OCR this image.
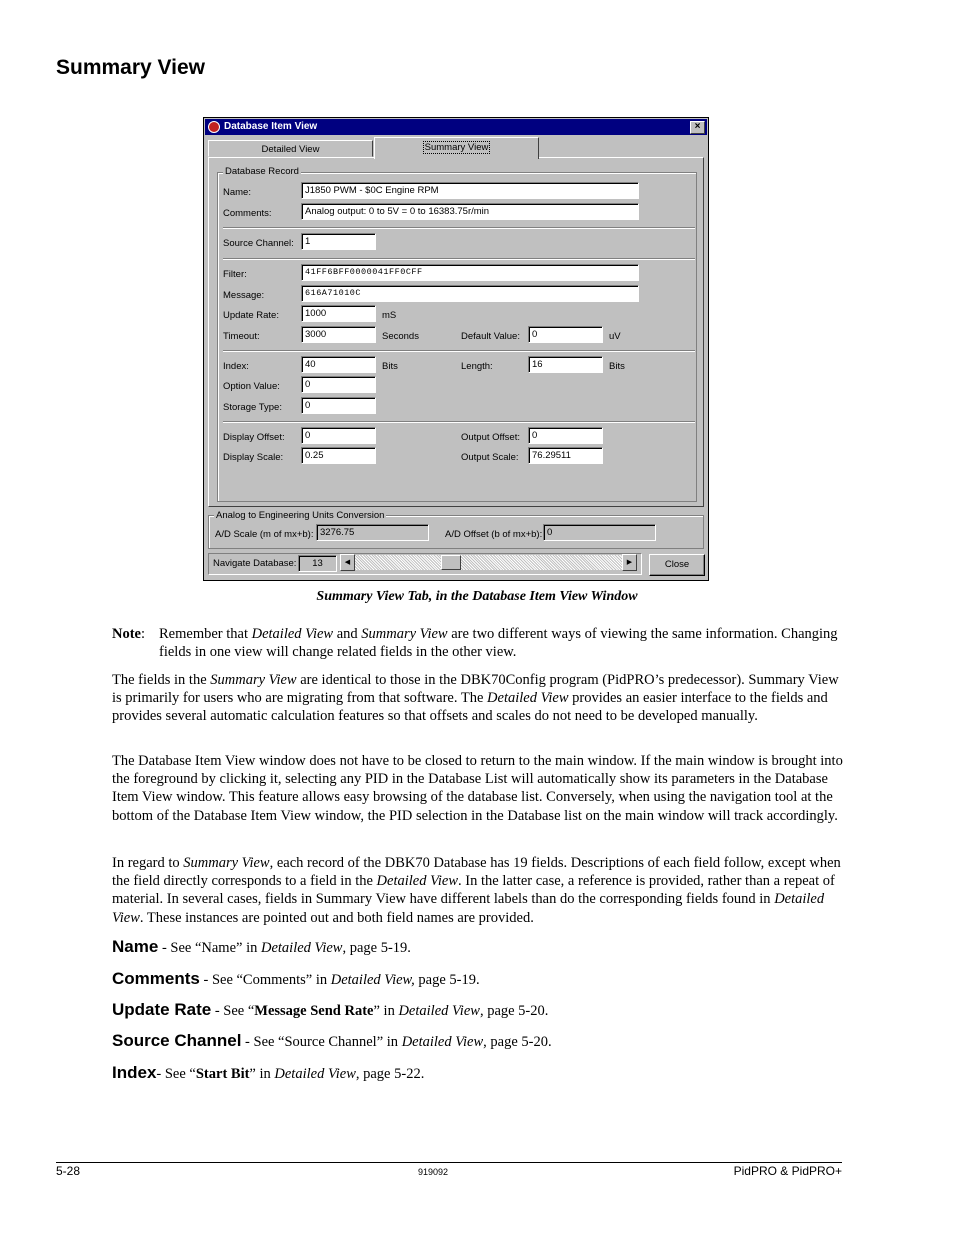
Summary View
Database Item View	×
Detailed View	Summary View
Database Record
Name:	J1850 PWM - $0C Engine RPM
Comments:	Analog output: 0 to 5V = 0 to 16383.75r/min
Source Channel:	1
Filter:	41FF6BFF0000041FF0CFF
Message:	616A71010C
Update Rate:	1000	mS
Timeout:	3000	Seconds	Default Value:	0	uV
Index:	40	Bits	Length:	16	Bits
Option Value:	0
Storage Type:	0
Display Offset:	0	Output Offset:	0
Display Scale:	0.25	Output Scale:	76.29511
Analog to Engineering Units Conversion
A/D Scale (m of mx+b): 3276.75	A/D Offset (b of mx+b): 0
Navigate Database:	13	◀	▶	Close
Summary View Tab, in the Database Item View Window
Note: Remember that Detailed View and Summary View are two different ways of viewing the same information. Changing fields in one view will change related fields in the other view.
The fields in the Summary View are identical to those in the DBK70Config program (PidPRO’s predecessor). Summary View is primarily for users who are migrating from that software. The Detailed View provides an easier interface to the fields and provides several automatic calculation features so that offsets and scales do not need to be developed manually.
The Database Item View window does not have to be closed to return to the main window. If the main window is brought into the foreground by clicking it, selecting any PID in the Database List will automatically show its parameters in the Database Item View window. This feature allows easy browsing of the database list. Conversely, when using the navigation tool at the bottom of the Database Item View window, the PID selection in the Database list on the main window will track accordingly.
In regard to Summary View, each record of the DBK70 Database has 19 fields. Descriptions of each field follow, except when the field directly corresponds to a field in the Detailed View. In the latter case, a reference is provided, rather than a repeat of material. In several cases, fields in Summary View have different labels than do the corresponding fields found in Detailed View. These instances are pointed out and both field names are provided.
Name - See “Name” in Detailed View, page 5-19.
Comments - See “Comments” in Detailed View, page 5-19.
Update Rate - See “Message Send Rate” in Detailed View, page 5-20.
Source Channel - See “Source Channel” in Detailed View, page 5-20.
Index- See “Start Bit” in Detailed View, page 5-22.
5-28	919092	PidPRO & PidPRO+
